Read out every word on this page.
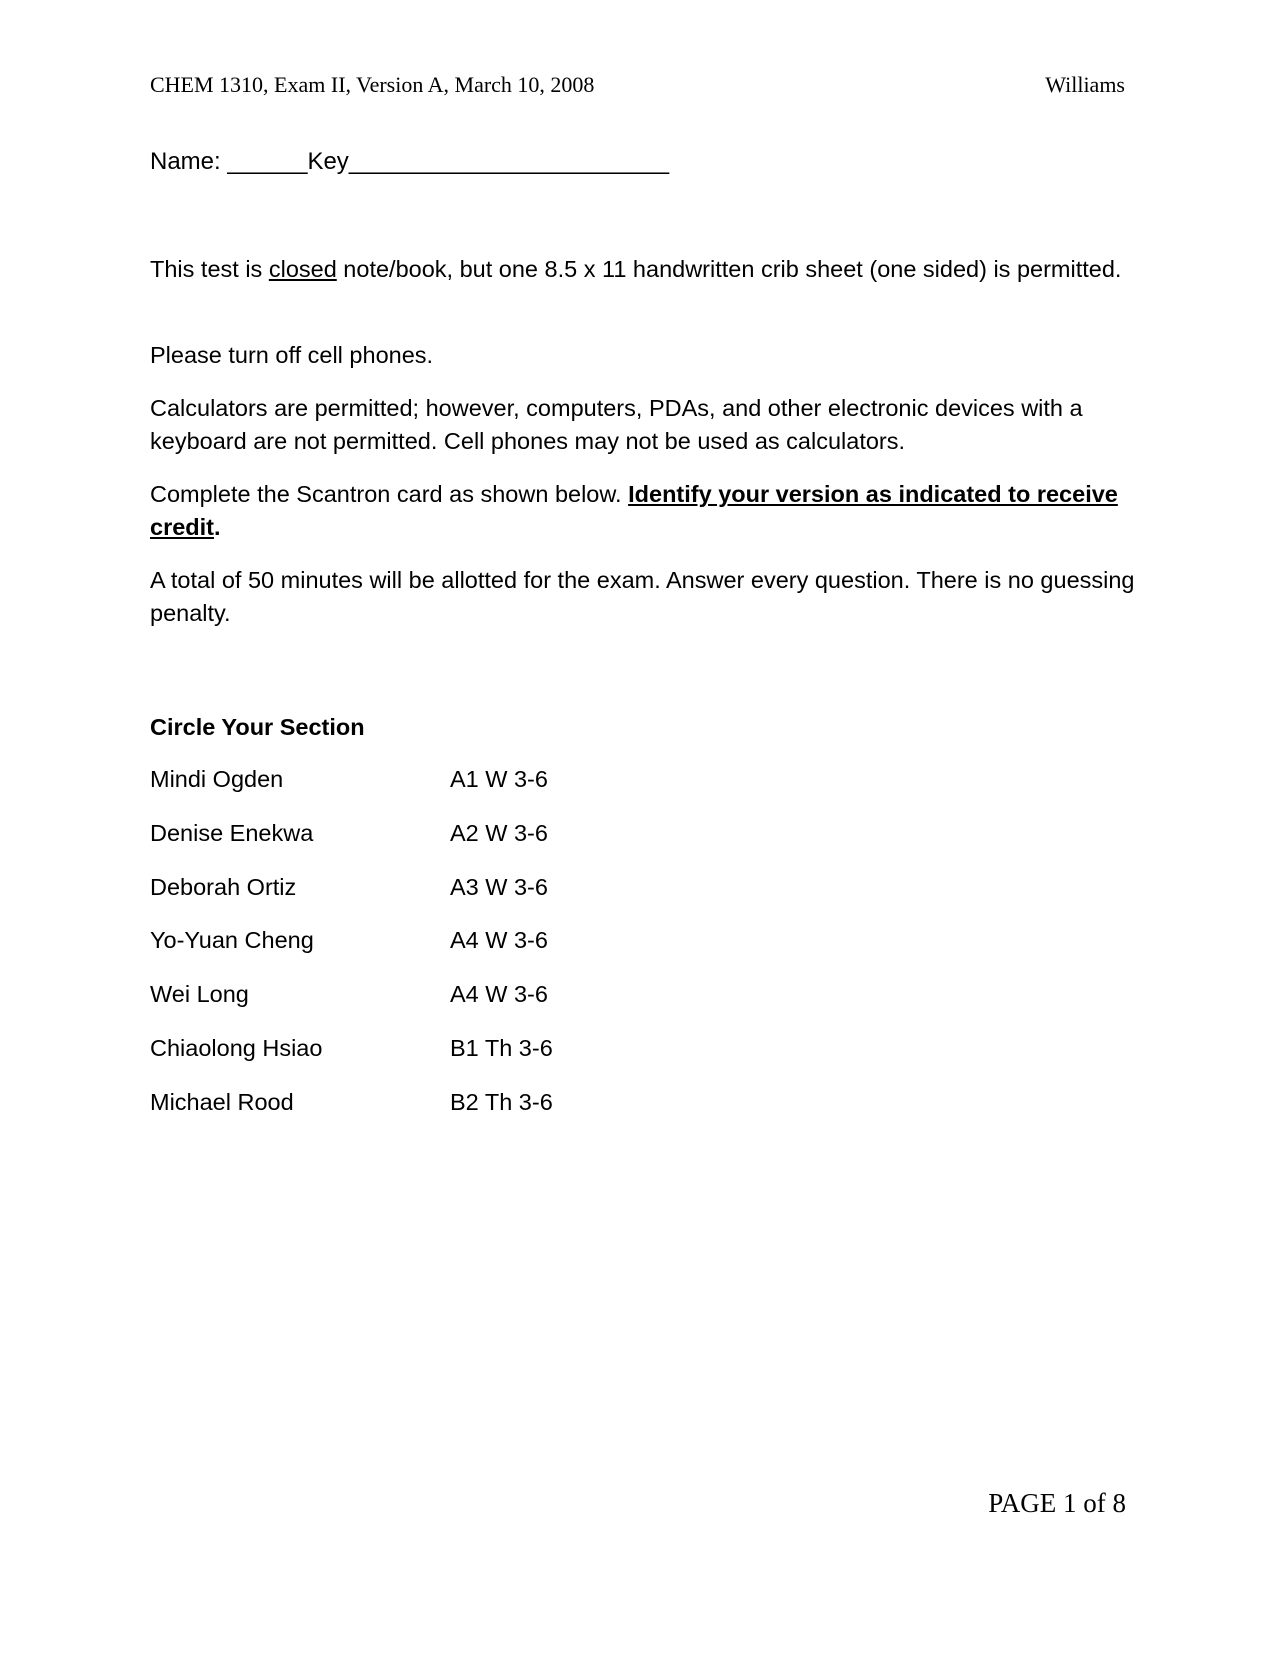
CHEM 1310, Exam II, Version A, March 10, 2008	Williams
Name: ______Key________________________

This test is closed note/book, but one 8.5 x 11 handwritten crib sheet (one sided) is permitted.

Please turn off cell phones.

Calculators are permitted; however, computers, PDAs, and other electronic devices with a keyboard are not permitted. Cell phones may not be used as calculators.

Complete the Scantron card as shown below. Identify your version as indicated to receive credit.

A total of 50 minutes will be allotted for the exam. Answer every question. There is no guessing penalty.

Circle Your Section
Mindi Ogden	A1 W 3-6
Denise Enekwa	A2 W 3-6
Deborah Ortiz	A3 W 3-6
Yo-Yuan Cheng	A4 W 3-6
Wei Long	A4 W 3-6
Chiaolong Hsiao	B1 Th 3-6
Michael Rood	B2 Th 3-6
PAGE 1 of 8
